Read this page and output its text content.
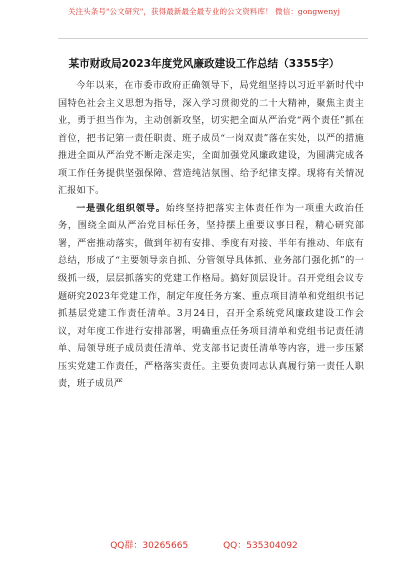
关注头条号"公文研究"，获得最新最全最专业的公文资料库！ 微信：gongwenyj
某市财政局2023年度党风廉政建设工作总结（3355字）

今年以来，在市委市政府正确领导下，局党组坚持以习近平新时代中国特色社会主义思想为指导，深入学习贯彻党的二十大精神，聚焦主责主业，勇于担当作为，主动创新攻坚，切实把全面从严治党“两个责任”抓在首位，把书记第一责任职责、班子成员“一岗双责”落在实处，以严的措施推进全面从严治党不断走深走实，全面加强党风廉政建设，为圆满完成各项工作任务提供坚强保障、营造纯洁氛围、给予纪律支撑。现将有关情况汇报如下。

一是强化组织领导。始终坚持把落实主体责任作为一项重大政治任务，围绕全面从严治党目标任务，坚持摆上重要议事日程，精心研究部署，严密推动落实，做到年初有安排、季度有对接、半年有推动、年底有总结，形成了“主要领导亲自抓、分管领导具体抓、业务部门强化抓”的一级抓一级，层层抓落实的党建工作格局。搞好顶层设计。召开党组会议专题研究2023年党建工作，制定年度任务方案、重点项目清单和党组织书记抓基层党建工作责任清单。3月24日，召开全系统党风廉政建设工作会议，对年度工作进行安排部署，明确重点任务项目清单和党组书记责任清单、局领导班子成员责任清单、党支部书记责任清单等内容，进一步压紧压实党建工作责任，严格落实责任。主要负责同志认真履行第一责任人职责，班子成员严

QQ群：30265665	QQ：535304092
